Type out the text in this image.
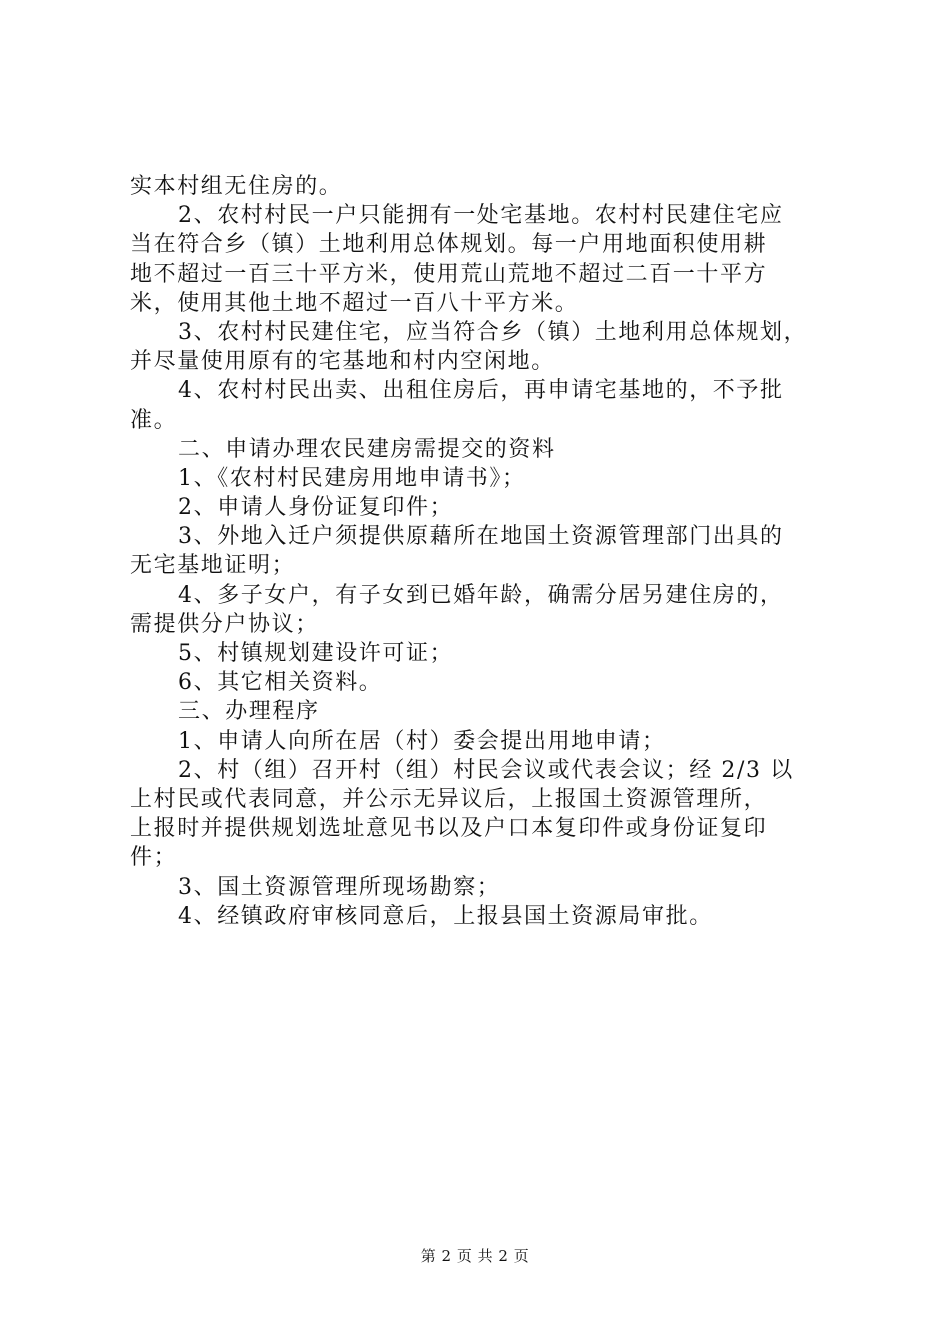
实本村组无住房的。
2、农村村民一户只能拥有一处宅基地。农村村民建住宅应
当在符合乡（镇）土地利用总体规划。每一户用地面积使用耕
地不超过一百三十平方米，使用荒山荒地不超过二百一十平方
米，使用其他土地不超过一百八十平方米。
3、农村村民建住宅，应当符合乡（镇）土地利用总体规划，
并尽量使用原有的宅基地和村内空闲地。
4、农村村民出卖、出租住房后，再申请宅基地的，不予批
准。
二、申请办理农民建房需提交的资料
1、《农村村民建房用地申请书》；
2、申请人身份证复印件；
3、外地入迁户须提供原藉所在地国土资源管理部门出具的
无宅基地证明；
4、多子女户，有子女到已婚年龄，确需分居另建住房的，
需提供分户协议；
5、村镇规划建设许可证；
6、其它相关资料。
三、办理程序
1、申请人向所在居（村）委会提出用地申请；
2、村（组）召开村（组）村民会议或代表会议；经 2/3 以
上村民或代表同意，并公示无异议后，上报国土资源管理所，
上报时并提供规划选址意见书以及户口本复印件或身份证复印
件；
3、国土资源管理所现场勘察；
4、经镇政府审核同意后，上报县国土资源局审批。
第 2 页 共 2 页
